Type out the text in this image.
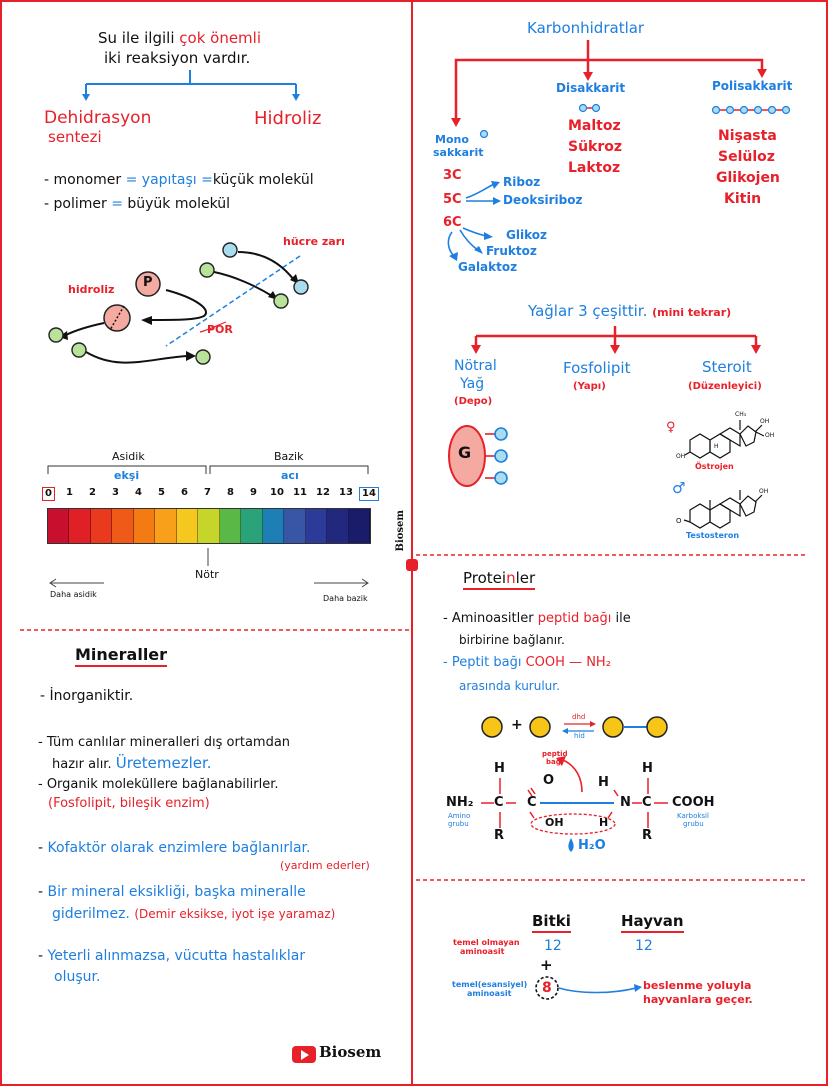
Su ile ilgili çok önemli
iki reaksiyon vardır.
Dehidrasyon
sentezi
Hidroliz
- monomer = yapıtaşı =küçük molekül
- polimer = büyük molekül
hücre zarı
hidroliz
POR
P
Asidik	Bazik
ekşi	acı
0	1 2 3 4 5 6 7 8 9 10 11 12 13 14
Nötr
Daha asidik	Daha bazik
Mineraller
- İnorganiktir.
- Tüm canlılar mineralleri dış ortamdan
hazır alır. Üretemezler.
- Organik moleküllere bağlanabilirler.
(Fosfolipit, bileşik enzim)
- Kofaktör olarak enzimlere bağlanırlar.
(yardım ederler)
- Bir mineral eksikliği, başka mineralle
giderilmez. (Demir eksikse, iyot işe yaramaz)
- Yeterli alınmazsa, vücutta hastalıklar
oluşur.
Biosem
Biosem
Karbonhidratlar
Mono
sakkarit
Disakkarit	Polisakkarit
Maltoz
Sükroz
Laktoz
Nişasta
Selüloz
Glikojen
Kitin
3C
5C
6C
Riboz
Deoksiriboz
Glikoz
Fruktoz
Galaktoz
Yağlar 3 çeşittir. (mini tekrar)
Nötral
Yağ
(Depo)
Fosfolipit
(Yapı)
Steroit
(Düzenleyici)
G
♀
♂
CH₃
OH
OH
OH
H
O
OH
Östrojen
Testosteron
Proteinler
- Aminoasitler peptid bağı ile
birbirine bağlanır.
- Peptit bağı COOH — NH₂
arasında kurulur.
+	dhd
hid
peptid
bağı
H	H
O	H
NH₂ C C	N C COOH
OH	H
R	R
Amino
grubu
Karboksil
grubu
H₂O
Bitki	Hayvan
temel olmayan
aminoasit	12	12
+
temel(esansiyel)
aminoasit 8	beslenme yoluyla
hayvanlara geçer.
